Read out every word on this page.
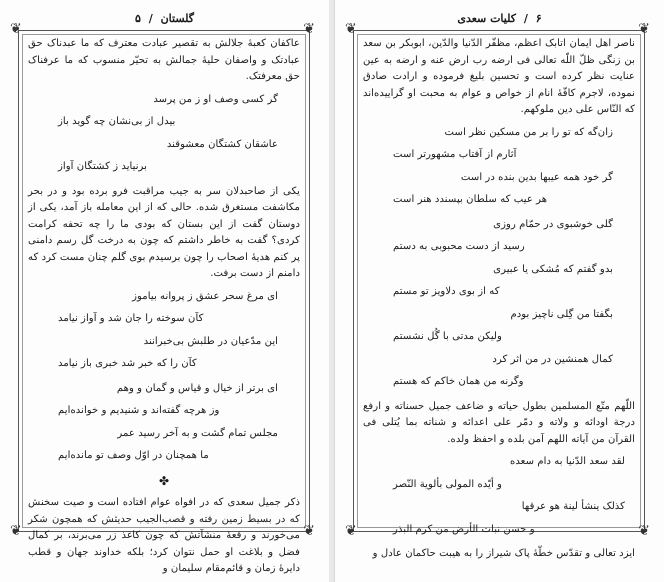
❦	❦
❦	❦
گلستان / ۵

عاکفان کعبهٔ جلالش به تقصیر عبادت معترف که ما عبدناک حق عبادتک و واصفان حلیهٔ جمالش به تحیّر منسوب که ما عرفناک حق معرفتک.

گر کسی وصف او ز من پرسد

بیدل از بی‌نشان چه گوید باز

عاشقان کشتگان معشوقند

برنیاید ز کشتگان آواز

یکی از صاحبدلان سر به جیب مراقبت فرو برده بود و در بحر مکاشفت مستغرق شده. حالی که از این معامله باز آمد، یکی از دوستان گفت از این بستان که بودی ما را چه تحفه کرامت کردی؟ گفت به خاطر داشتم که چون به درخت گل رسم دامنی پر کنم هدیهٔ اصحاب را چون برسیدم بوی گلم چنان مست کرد که دامنم از دست برفت.

ای مرغ سحر عشق ز پروانه بیاموز

کآن سوخته را جان شد و آواز نیامد

این مدّعیان در طلبش بی‌خبرانند

کآن را که خبر شد خبری باز نیامد

ای برتر از خیال و قیاس و گمان و وهم

وز هرچه گفته‌اند و شنیدیم و خوانده‌ایم

مجلس تمام گشت و به آخر رسید عمر

ما همچنان در اوّل وصف تو مانده‌ایم

✤

ذکر جمیل سعدی که در افواه عوام افتاده است و صیت سخنش که در بسیط زمین رفته و قصب‌الجیب حدیثش که همچون شکر می‌خورند و رقعهٔ منشآتش که چون کاغذ زر می‌برند، بر کمال فضل و بلاغت او حمل نتوان کرد؛ بلکه خداوند جهان و قطب دایرهٔ زمان و قائم‌مقام سلیمان و

❦	❦
❦	❦
۶ / کلیات سعدی

ناصر اهل ایمان اتابک اعظم، مظفّر الدّنیا والدّین، ابوبکر بن سعد بن زنگی ظلّ اللّه تعالی فی ارضه رب ارض عنه و ارضه به عین عنایت نظر کرده است و تحسین بلیغ فرموده و ارادت صادق نموده، لاجرم کافّهٔ انام از خواص و عوام به محبت او گراییده‌اند که النّاس علی دین ملوکهم.

زان‌گه که تو را بر من مسکین نظر است

آثارم از آفتاب مشهورتر است

گر خود همه عیبها بدین بنده در است

هر عیب که سلطان بپسندد هنر است

گلی خوشبوی در حمّام روزی

رسید از دست محبوبی به دستم

بدو گفتم که مُشکی یا عبیری

که از بوی دلاویز تو مستم

بگفتا من گِلی ناچیز بودم

ولیکن مدتی با گُل نشستم

کمال همنشین در من اثر کرد

وگرنه من همان خاکم که هستم

اللّهم متّع المسلمین بطول حیاته و ضاعف جمیل حسناته و ارفع درجة اودائه و ولاته و دمّر علی اعدائه و شناته بما یُتلی فی القرآن من آیاته اللهم آمن بلده و احفظ ولده.

لقد سعد الدّنیا به دام سعده

و أیّده المولی بألویة النّصر

کذلک ینشأ لینة هو عرقها

و حسن نبات الأرض من کرم البذر

ایزد تعالی و تقدّس خطّهٔ پاک شیراز را به هیبت حاکمان عادل و
